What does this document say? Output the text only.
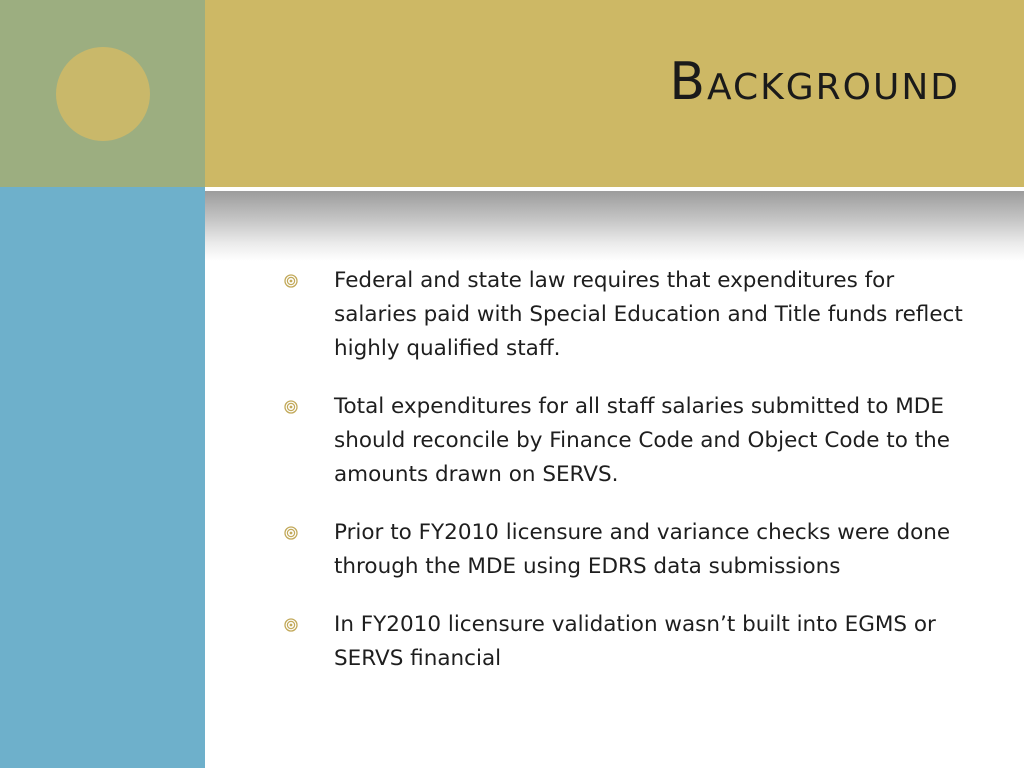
Background
Federal and state law requires that expenditures for salaries paid with Special Education and Title funds reflect highly qualified staff.
Total expenditures for all staff salaries submitted to MDE should reconcile by Finance Code and Object Code to the amounts drawn on SERVS.
Prior to FY2010 licensure and variance checks were done through the MDE using EDRS data submissions
In FY2010 licensure validation wasn’t built into EGMS or SERVS financial
